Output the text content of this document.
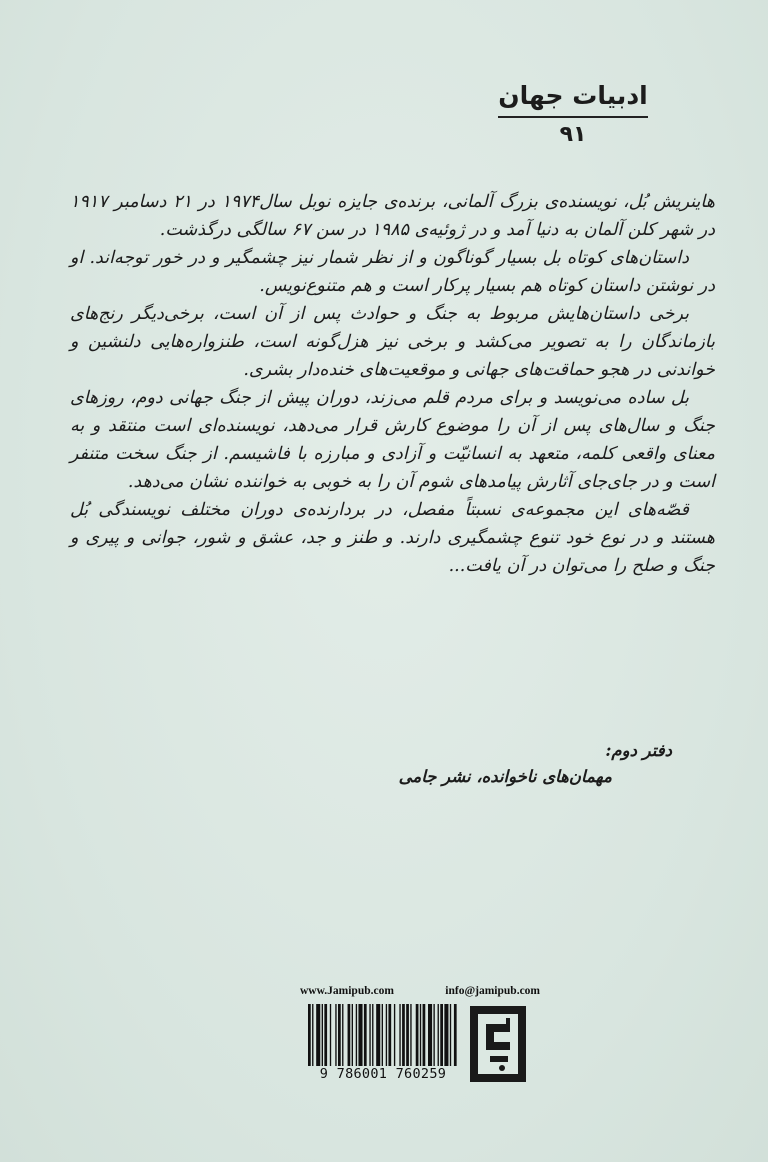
ادبیات جهان
۹۱

هاینریش بُل، نویسنده‌ی بزرگ آلمانی، برنده‌ی جایزه نوبل سال۱۹۷۴ در ۲۱ دسامبر ۱۹۱۷ در شهر کلن آلمان به دنیا آمد و در ژوئیه‌ی ۱۹۸۵ در سن ۶۷ سالگی درگذشت.

داستان‌های کوتاه بل بسیار گوناگون و از نظر شمار نیز چشمگیر و در خور توجه‌اند. او در نوشتن داستان کوتاه هم بسیار پرکار است و هم متنوع‌نویس.

برخی داستان‌هایش مربوط به جنگ و حوادث پس از آن است، برخی‌دیگر رنج‌های بازماندگان را به تصویر می‌کشد و برخی نیز هزل‌گونه است، طنزواره‌هایی دلنشین و خواندنی در هجو حماقت‌های جهانی و موقعیت‌های خنده‌دار بشری.

بل ساده می‌نویسد و برای مردم قلم می‌زند، دوران پیش از جنگ جهانی دوم، روزهای جنگ و سال‌های پس از آن را موضوع کارش قرار می‌دهد، نویسنده‌ای است منتقد و به معنای واقعی کلمه، متعهد به انسانیّت و آزادی و مبارزه با فاشیسم. از جنگ سخت متنفر است و در جای‌جای آثارش پیامدهای شوم آن را به خوبی به خواننده نشان می‌دهد.

قصّه‌های این مجموعه‌ی نسبتاً مفصل، در بردارنده‌ی دوران مختلف نویسندگی بُل هستند و در نوع خود تنوع چشمگیری دارند. و طنز و جد، عشق و شور، جوانی و پیری و جنگ و صلح را می‌توان در آن یافت...

دفتر دوم:
مهمان‌های ناخوانده، نشر جامی
www.Jamipub.com	info@jamipub.com
9 786001 760259
